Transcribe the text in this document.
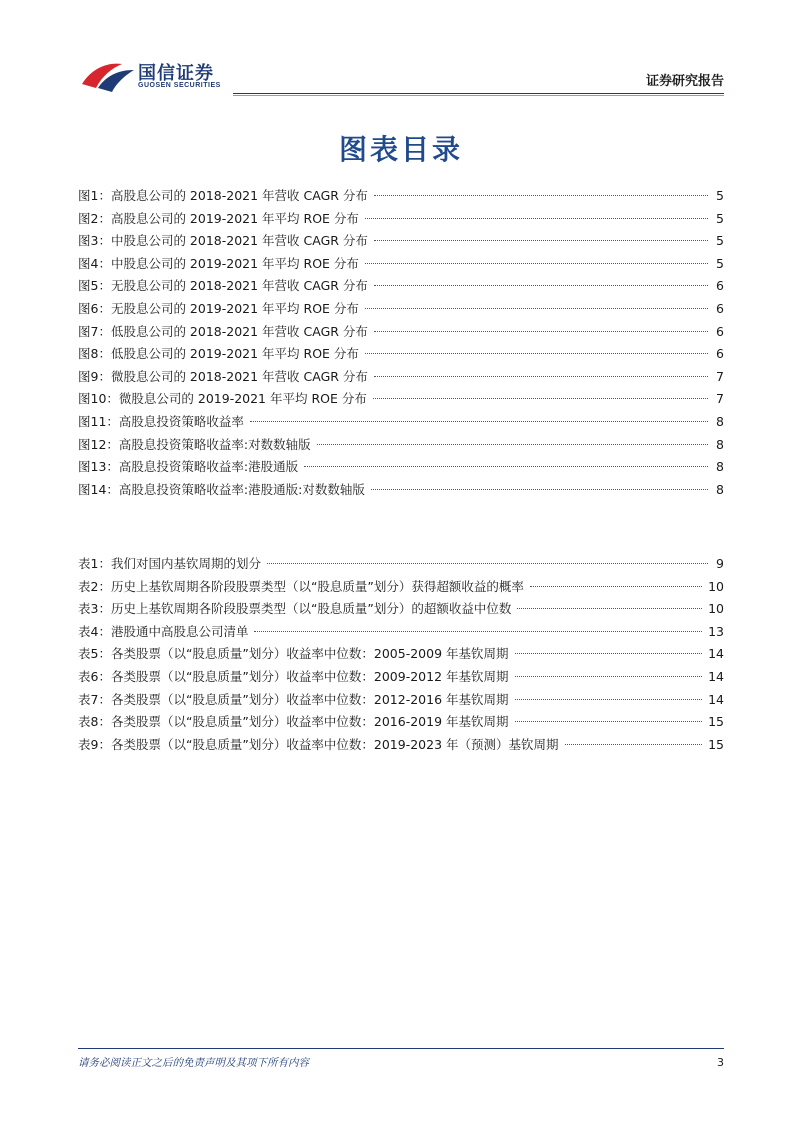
国信证券
GUOSEN SECURITIES	证券研究报告
图表目录
图1： 高股息公司的 2018-2021 年营收 CAGR 分布	5
图2： 高股息公司的 2019-2021 年平均 ROE 分布	5
图3： 中股息公司的 2018-2021 年营收 CAGR 分布	5
图4： 中股息公司的 2019-2021 年平均 ROE 分布	5
图5： 无股息公司的 2018-2021 年营收 CAGR 分布	6
图6： 无股息公司的 2019-2021 年平均 ROE 分布	6
图7： 低股息公司的 2018-2021 年营收 CAGR 分布	6
图8： 低股息公司的 2019-2021 年平均 ROE 分布	6
图9： 微股息公司的 2018-2021 年营收 CAGR 分布	7
图10： 微股息公司的 2019-2021 年平均 ROE 分布	7
图11： 高股息投资策略收益率	8
图12： 高股息投资策略收益率:对数数轴版	8
图13： 高股息投资策略收益率:港股通版	8
图14： 高股息投资策略收益率:港股通版:对数数轴版	8
表1： 我们对国内基钦周期的划分	9
表2： 历史上基钦周期各阶段股票类型（以“股息质量”划分）获得超额收益的概率	10
表3： 历史上基钦周期各阶段股票类型（以“股息质量”划分）的超额收益中位数	10
表4： 港股通中高股息公司清单	13
表5： 各类股票（以“股息质量”划分）收益率中位数：2005-2009 年基钦周期	14
表6： 各类股票（以“股息质量”划分）收益率中位数：2009-2012 年基钦周期	14
表7： 各类股票（以“股息质量”划分）收益率中位数：2012-2016 年基钦周期	14
表8： 各类股票（以“股息质量”划分）收益率中位数：2016-2019 年基钦周期	15
表9： 各类股票（以“股息质量”划分）收益率中位数：2019-2023 年（预测）基钦周期	15
请务必阅读正文之后的免责声明及其项下所有内容	3
